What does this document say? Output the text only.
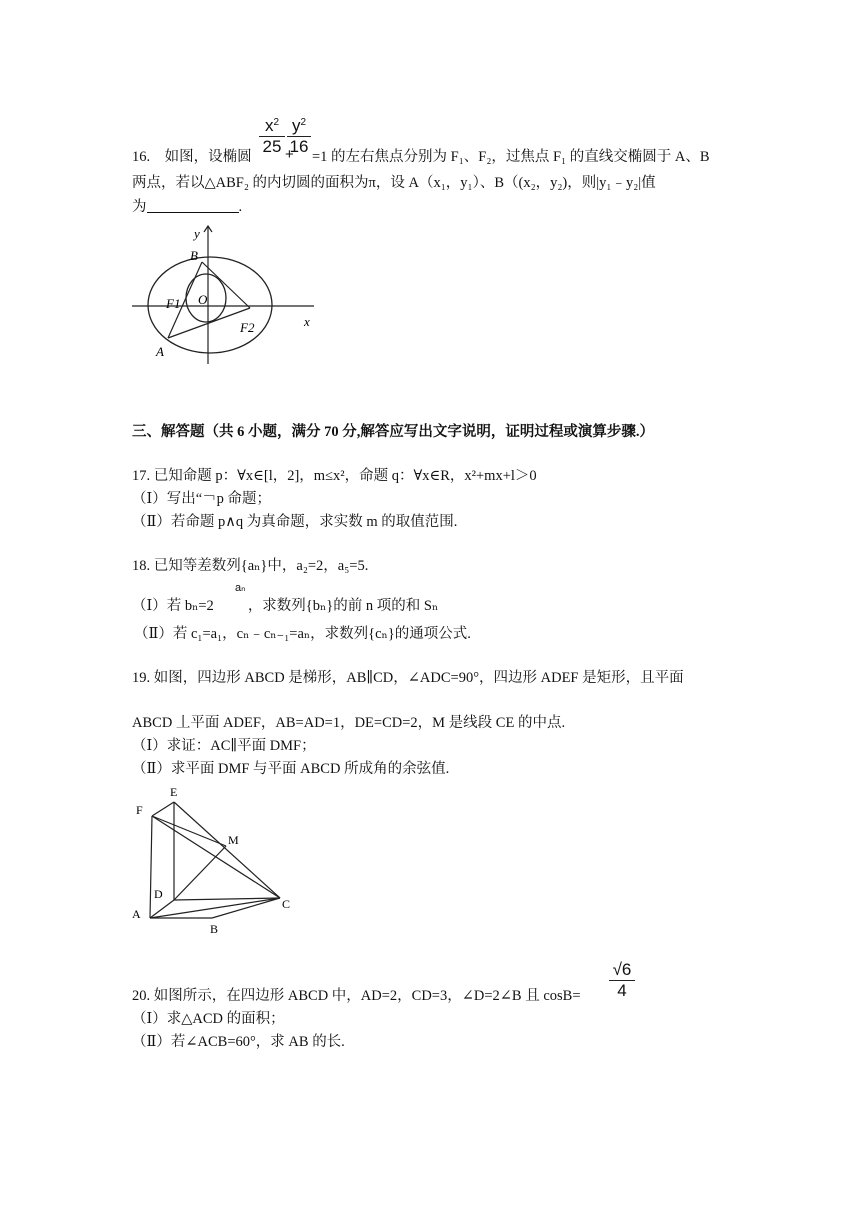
$x^2$
25 +
$y^2$
16
16.　如图，设椭圆	=1 的左右焦点分别为 F₁、F₂，过焦点 F₁ 的直线交椭圆于 A、B
两点，若以△ABF₂ 的内切圆的面积为π，设 A（x₁，y₁）、B（(x₂，y₂)，则|y₁﹣y₂|值
为	.
y
x
B
F1 O
F2
A
三、解答题（共 6 小题，满分 70 分,解答应写出文字说明，证明过程或演算步骤.）
17. 已知命题 p：∀x∈[l，2]，m≤x²，命题 q：∀x∈R，x²+mx+l＞0
（Ⅰ）写出“￢p 命题；
（Ⅱ）若命题 p∧q 为真命题，求实数 m 的取值范围.
18. 已知等差数列{aₙ}中，a₂=2，a₅=5.
aₙ
（Ⅰ）若 bₙ=2 ，求数列{bₙ}的前 n 项的和 Sₙ
（Ⅱ）若 c₁=a₁，cₙ﹣cₙ₋₁=aₙ，求数列{cₙ}的通项公式.
19. 如图，四边形 ABCD 是梯形，AB∥CD，∠ADC=90°，四边形 ADEF 是矩形，且平面
ABCD 丄平面 ADEF，AB=AD=1，DE=CD=2，M 是线段 CE 的中点.
（Ⅰ）求证：AC∥平面 DMF；
（Ⅱ）求平面 DMF 与平面 ABCD 所成角的余弦值.
E
F
M
D
A
B
C
√6
4
20. 如图所示，在四边形 ABCD 中，AD=2，CD=3，∠D=2∠B 且 cosB=
（Ⅰ）求△ACD 的面积；
（Ⅱ）若∠ACB=60°，求 AB 的长.
